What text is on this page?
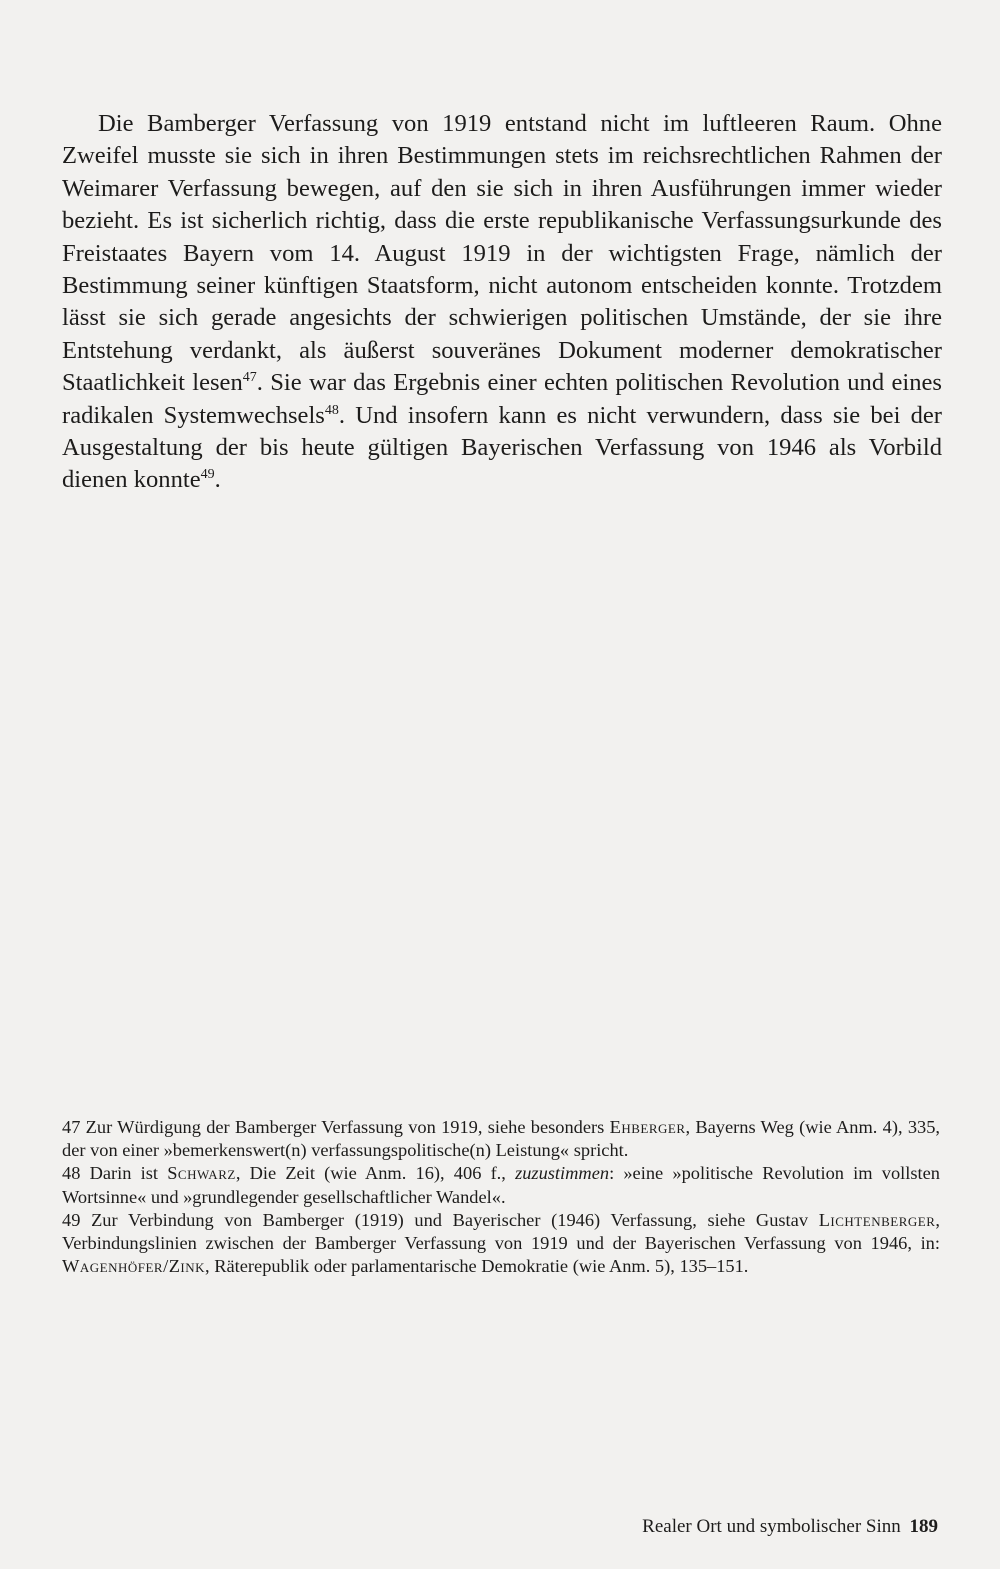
Die Bamberger Verfassung von 1919 entstand nicht im luftleeren Raum. Ohne Zweifel musste sie sich in ihren Bestimmungen stets im reichsrechtlichen Rahmen der Weimarer Verfassung bewegen, auf den sie sich in ihren Ausführungen immer wieder bezieht. Es ist sicherlich richtig, dass die erste republikanische Verfassungsurkunde des Freistaates Bayern vom 14. August 1919 in der wichtigsten Frage, nämlich der Bestimmung seiner künftigen Staatsform, nicht autonom entscheiden konnte. Trotzdem lässt sie sich gerade angesichts der schwierigen politischen Umstände, der sie ihre Entstehung verdankt, als äußerst souveränes Dokument moderner demokratischer Staatlichkeit lesen$^{47}$. Sie war das Ergebnis einer echten politischen Revolution und eines radikalen Systemwechsels$^{48}$. Und insofern kann es nicht verwundern, dass sie bei der Ausgestaltung der bis heute gültigen Bayerischen Verfassung von 1946 als Vorbild dienen konnte$^{49}$.

47 Zur Würdigung der Bamberger Verfassung von 1919, siehe besonders Ehberger, Bayerns Weg (wie Anm. 4), 335, der von einer »bemerkenswert(n) verfassungspolitische(n) Leistung« spricht.

48 Darin ist Schwarz, Die Zeit (wie Anm. 16), 406 f., zuzustimmen: »eine »politische Revolution im vollsten Wortsinne« und »grundlegender gesellschaftlicher Wandel«.

49 Zur Verbindung von Bamberger (1919) und Bayerischer (1946) Verfassung, siehe Gustav Lichtenberger, Verbindungslinien zwischen der Bamberger Verfassung von 1919 und der Bayerischen Verfassung von 1946, in: Wagenhöfer/Zink, Räterepublik oder parlamentarische Demokratie (wie Anm. 5), 135–151.

Realer Ort und symbolischer Sinn 189
